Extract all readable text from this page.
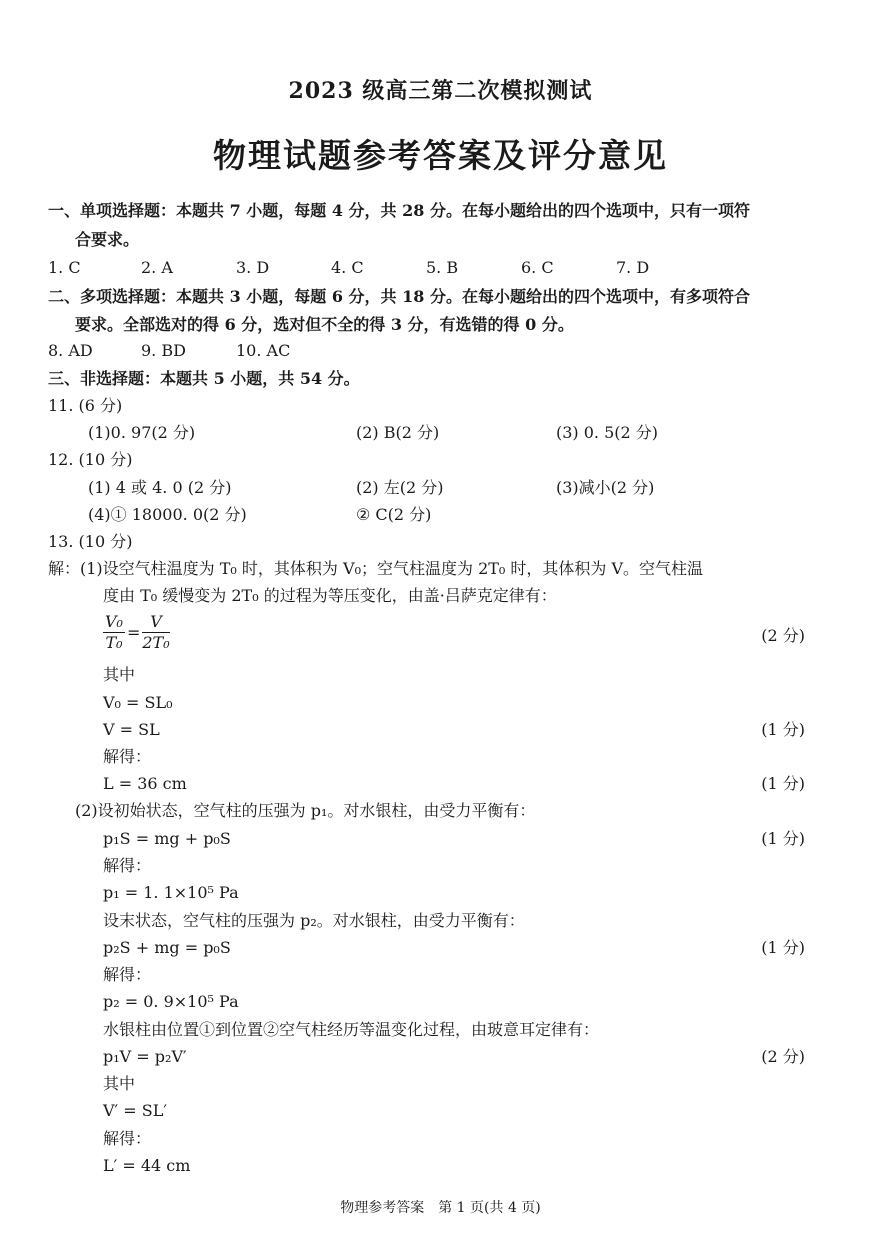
2023 级高三第二次模拟测试
物理试题参考答案及评分意见
一、单项选择题：本题共 7 小题，每题 4 分，共 28 分。在每小题给出的四个选项中，只有一项符
合要求。
1. C	2. A	3. D	4. C	5. B	6. C	7. D
二、多项选择题：本题共 3 小题，每题 6 分，共 18 分。在每小题给出的四个选项中，有多项符合
要求。全部选对的得 6 分，选对但不全的得 3 分，有选错的得 0 分。
8. AD	9. BD	10. AC
三、非选择题：本题共 5 小题，共 54 分。
11. (6 分)
(1)0. 97(2 分)	(2) B(2 分)	(3) 0. 5(2 分)
12. (10 分)
(1) 4 或 4. 0 (2 分)	(2) 左(2 分)	(3)减小(2 分)
(4)① 18000. 0(2 分)	② C(2 分)
13. (10 分)
解：(1)设空气柱温度为 T₀ 时，其体积为 V₀；空气柱温度为 2T₀ 时，其体积为 V。空气柱温
度由 T₀ 缓慢变为 2T₀ 的过程为等压变化，由盖·吕萨克定律有：
$\frac{\text{V₀}}{\text{T₀}} = \frac{V}{\text{2T₀}}$	(2 分)
其中
V₀ = SL₀
V = SL	(1 分)
解得：
L = 36 cm	(1 分)
(2)设初始状态，空气柱的压强为 p₁。对水银柱，由受力平衡有：
p₁S = mg + p₀S	(1 分)
解得：
p₁ = 1. 1×10⁵ Pa
设末状态，空气柱的压强为 p₂。对水银柱，由受力平衡有：
p₂S + mg = p₀S	(1 分)
解得：
p₂ = 0. 9×10⁵ Pa
水银柱由位置①到位置②空气柱经历等温变化过程，由玻意耳定律有：
p₁V = p₂V′	(2 分)
其中
V′ = SL′
解得：
L′ = 44 cm
物理参考答案　第 1 页(共 4 页)
